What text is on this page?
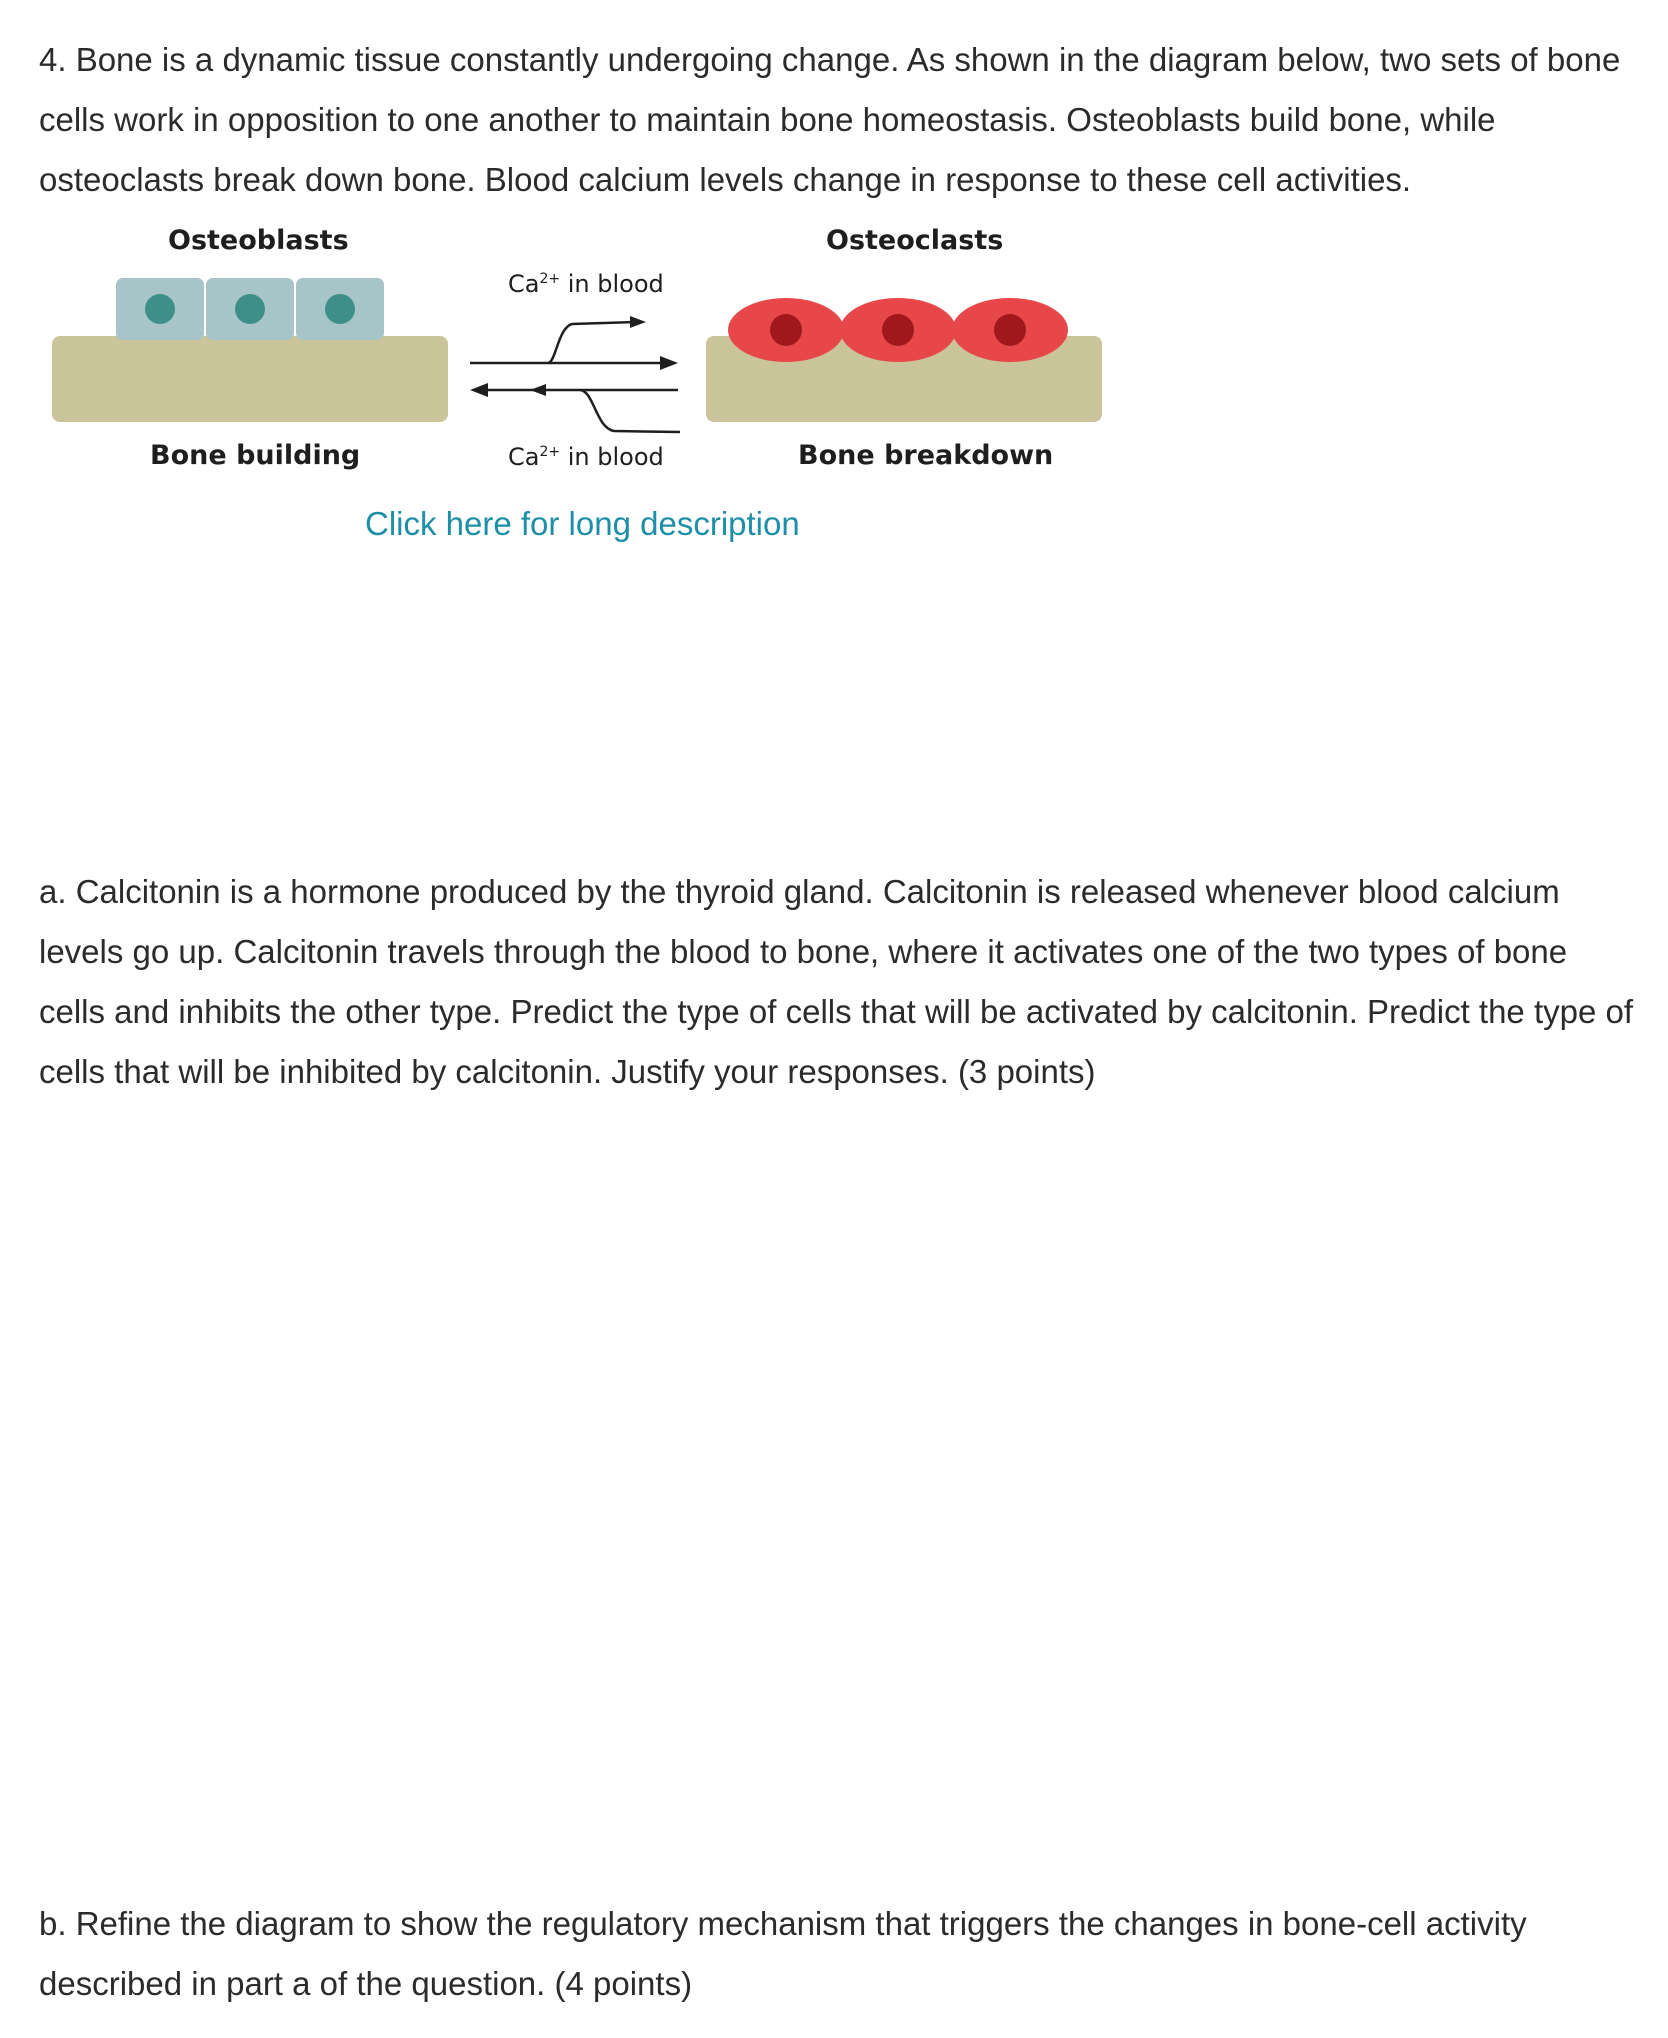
4. Bone is a dynamic tissue constantly undergoing change. As shown in the diagram below, two sets of bone cells work in opposition to one another to maintain bone homeostasis. Osteoblasts build bone, while osteoclasts break down bone. Blood calcium levels change in response to these cell activities.

Osteoblasts	Osteoclasts
Bone building	Bone breakdown
$Ca^{2+}$ in blood
$Ca^{2+}$ in blood
Click here for long description

a. Calcitonin is a hormone produced by the thyroid gland. Calcitonin is released whenever blood calcium levels go up. Calcitonin travels through the blood to bone, where it activates one of the two types of bone cells and inhibits the other type. Predict the type of cells that will be activated by calcitonin. Predict the type of cells that will be inhibited by calcitonin. Justify your responses. (3 points)

b. Refine the diagram to show the regulatory mechanism that triggers the changes in bone-cell activity described in part a of the question. (4 points)
